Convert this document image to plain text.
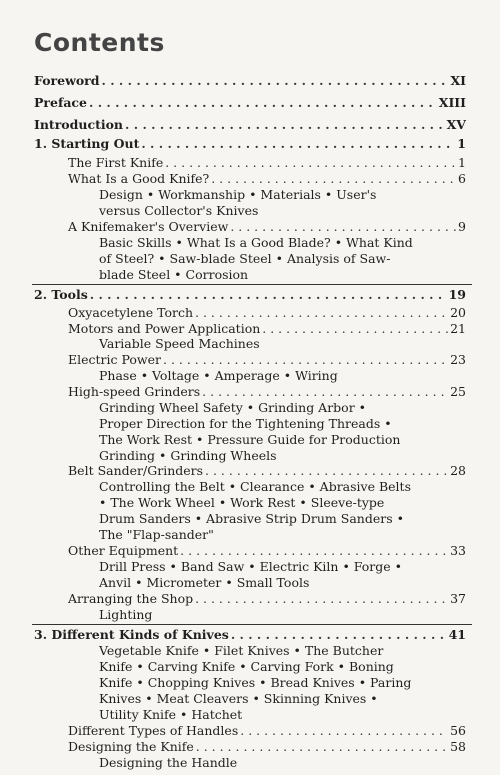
Contents
Foreword . . .	XI
Preface . . .	XIII
Introduction . . .	XV
1. Starting Out . . .	1
The First Knife . . .	1
What Is a Good Knife? . . .	6
Design • Workmanship • Materials • User's
versus Collector's Knives
A Knifemaker's Overview . . .	9
Basic Skills • What Is a Good Blade? • What Kind
of Steel? • Saw-blade Steel • Analysis of Saw-
blade Steel • Corrosion
2. Tools . . .	19
Oxyacetylene Torch . . .	20
Motors and Power Application . . .	21
Variable Speed Machines
Electric Power . . .	23
Phase • Voltage • Amperage • Wiring
High-speed Grinders . . .	25
Grinding Wheel Safety • Grinding Arbor •
Proper Direction for the Tightening Threads •
The Work Rest • Pressure Guide for Production
Grinding • Grinding Wheels
Belt Sander/Grinders . . .	28
Controlling the Belt • Clearance • Abrasive Belts
• The Work Wheel • Work Rest • Sleeve-type
Drum Sanders • Abrasive Strip Drum Sanders •
The "Flap-sander"
Other Equipment . . .	33
Drill Press • Band Saw • Electric Kiln • Forge •
Anvil • Micrometer • Small Tools
Arranging the Shop . . .	37
Lighting
3. Different Kinds of Knives . . .	41
Vegetable Knife • Filet Knives • The Butcher
Knife • Carving Knife • Carving Fork • Boning
Knife • Chopping Knives • Bread Knives • Paring
Knives • Meat Cleavers • Skinning Knives •
Utility Knife • Hatchet
Different Types of Handles . . .	56
Designing the Knife . . .	58
Designing the Handle
